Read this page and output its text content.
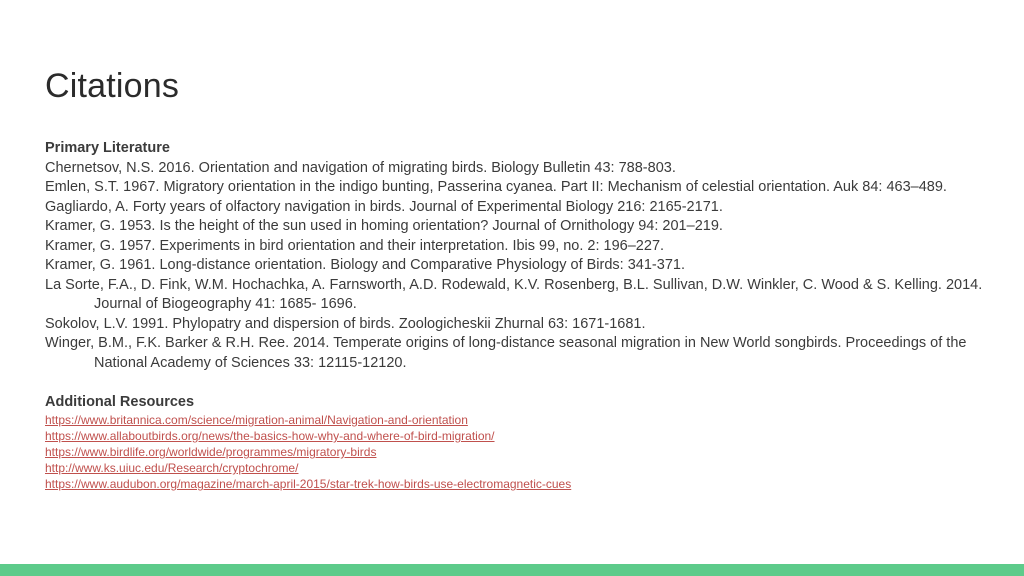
Citations
Primary Literature
Chernetsov, N.S. 2016. Orientation and navigation of migrating birds. Biology Bulletin 43: 788-803.
Emlen, S.T. 1967. Migratory orientation in the indigo bunting, Passerina cyanea. Part II: Mechanism of celestial orientation. Auk 84: 463–489.
Gagliardo, A. Forty years of olfactory navigation in birds. Journal of Experimental Biology 216: 2165-2171.
Kramer, G. 1953. Is the height of the sun used in homing orientation? Journal of Ornithology 94: 201–219.
Kramer, G. 1957. Experiments in bird orientation and their interpretation. Ibis 99, no. 2: 196–227.
Kramer, G. 1961. Long-distance orientation. Biology and Comparative Physiology of Birds: 341-371.
La Sorte, F.A., D. Fink, W.M. Hochachka, A. Farnsworth, A.D. Rodewald, K.V. Rosenberg, B.L. Sullivan, D.W. Winkler, C. Wood & S. Kelling. 2014. Journal of Biogeography 41: 1685- 1696.
Sokolov, L.V. 1991. Phylopatry and dispersion of birds. Zoologicheskii Zhurnal 63: 1671-1681.
Winger, B.M., F.K. Barker & R.H. Ree. 2014. Temperate origins of long-distance seasonal migration in New World songbirds. Proceedings of the National Academy of Sciences 33: 12115-12120.
Additional Resources
https://www.britannica.com/science/migration-animal/Navigation-and-orientation
https://www.allaboutbirds.org/news/the-basics-how-why-and-where-of-bird-migration/
https://www.birdlife.org/worldwide/programmes/migratory-birds
http://www.ks.uiuc.edu/Research/cryptochrome/
https://www.audubon.org/magazine/march-april-2015/star-trek-how-birds-use-electromagnetic-cues
